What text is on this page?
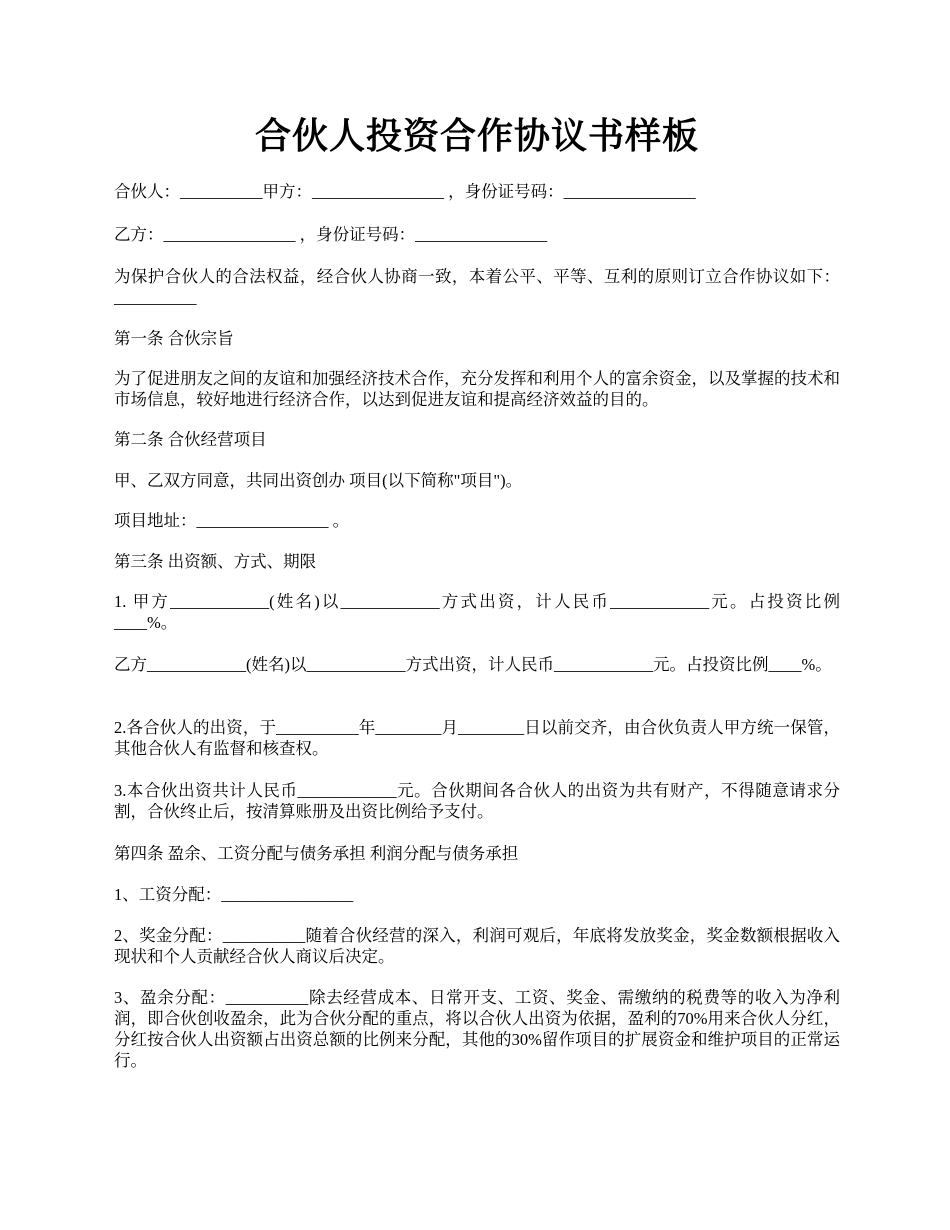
合伙人投资合作协议书样板

合伙人：__________甲方：________________ ，身份证号码：________________

乙方：________________ ，身份证号码：________________

为保护合伙人的合法权益，经合伙人协商一致，本着公平、平等、互利的原则订立合作协议如下：__________

第一条 合伙宗旨

为了促进朋友之间的友谊和加强经济技术合作，充分发挥和利用个人的富余资金，以及掌握的技术和市场信息，较好地进行经济合作，以达到促进友谊和提高经济效益的目的。

第二条 合伙经营项目

甲、乙双方同意，共同出资创办 项目(以下简称"项目")。

项目地址：________________ 。

第三条 出资额、方式、期限

1. 甲方____________(姓名)以____________方式出资，计人民币____________元。占投资比例____%。

乙方____________(姓名)以____________方式出资，计人民币____________元。占投资比例____%。

2.各合伙人的出资，于__________年________月________日以前交齐，由合伙负责人甲方统一保管，其他合伙人有监督和核查权。

3.本合伙出资共计人民币____________元。合伙期间各合伙人的出资为共有财产，不得随意请求分割，合伙终止后，按清算账册及出资比例给予支付。

第四条 盈余、工资分配与债务承担 利润分配与债务承担

1、工资分配：________________

2、奖金分配：__________随着合伙经营的深入，利润可观后，年底将发放奖金，奖金数额根据收入现状和个人贡献经合伙人商议后决定。

3、盈余分配：__________除去经营成本、日常开支、工资、奖金、需缴纳的税费等的收入为净利润，即合伙创收盈余，此为合伙分配的重点，将以合伙人出资为依据，盈利的70%用来合伙人分红，分红按合伙人出资额占出资总额的比例来分配，其他的30%留作项目的扩展资金和维护项目的正常运行。
